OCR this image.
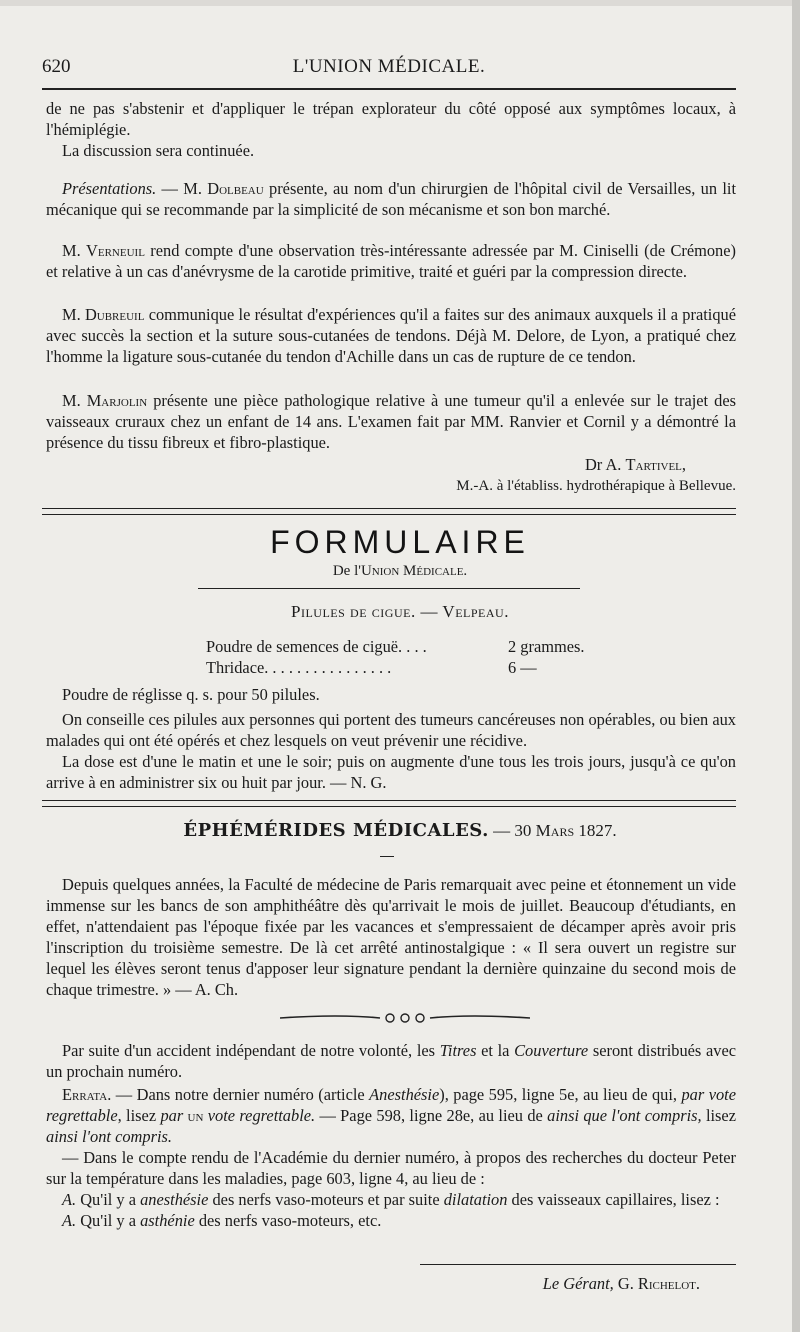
620	L'UNION MÉDICALE.

de ne pas s'abstenir et d'appliquer le trépan explorateur du côté opposé aux symptômes locaux, à l'hémiplégie.

La discussion sera continuée.

Présentations. — M. Dolbeau présente, au nom d'un chirurgien de l'hôpital civil de Versailles, un lit mécanique qui se recommande par la simplicité de son mécanisme et son bon marché.

M. Verneuil rend compte d'une observation très-intéressante adressée par M. Ciniselli (de Crémone) et relative à un cas d'anévrysme de la carotide primitive, traité et guéri par la compression directe.

M. Dubreuil communique le résultat d'expériences qu'il a faites sur des animaux auxquels il a pratiqué avec succès la section et la suture sous-cutanées de tendons. Déjà M. Delore, de Lyon, a pratiqué chez l'homme la ligature sous-cutanée du tendon d'Achille dans un cas de rupture de ce tendon.

M. Marjolin présente une pièce pathologique relative à une tumeur qu'il a enlevée sur le trajet des vaisseaux cruraux chez un enfant de 14 ans. L'examen fait par MM. Ranvier et Cornil y a démontré la présence du tissu fibreux et fibro-plastique.

Dr A. Tartivel,
M.-A. à l'établiss. hydrothérapique à Bellevue.
FORMULAIRE
De l'Union Médicale.
Pilules de cigue. — Velpeau.
Poudre de semences de ciguë. . . .	2 grammes.
Thridace. . . . . . . . . . . . . . . .	6 —

Poudre de réglisse q. s. pour 50 pilules.

On conseille ces pilules aux personnes qui portent des tumeurs cancéreuses non opérables, ou bien aux malades qui ont été opérés et chez lesquels on veut prévenir une récidive.

La dose est d'une le matin et une le soir; puis on augmente d'une tous les trois jours, jusqu'à ce qu'on arrive à en administrer six ou huit par jour. — N. G.

ÉPHÉMÉRIDES MÉDICALES. — 30 Mars 1827.

Depuis quelques années, la Faculté de médecine de Paris remarquait avec peine et étonnement un vide immense sur les bancs de son amphithéâtre dès qu'arrivait le mois de juillet. Beaucoup d'étudiants, en effet, n'attendaient pas l'époque fixée par les vacances et s'empressaient de décamper après avoir pris l'inscription du troisième semestre. De là cet arrêté antinostalgique : « Il sera ouvert un registre sur lequel les élèves seront tenus d'apposer leur signature pendant la dernière quinzaine du second mois de chaque trimestre. » — A. Ch.

Par suite d'un accident indépendant de notre volonté, les Titres et la Couverture seront distribués avec un prochain numéro.

Errata. — Dans notre dernier numéro (article Anesthésie), page 595, ligne 5e, au lieu de qui, par vote regrettable, lisez par un vote regrettable. — Page 598, ligne 28e, au lieu de ainsi que l'ont compris, lisez ainsi l'ont compris.

— Dans le compte rendu de l'Académie du dernier numéro, à propos des recherches du docteur Peter sur la température dans les maladies, page 603, ligne 4, au lieu de :

A. Qu'il y a anesthésie des nerfs vaso-moteurs et par suite dilatation des vaisseaux capillaires, lisez :

A. Qu'il y a asthénie des nerfs vaso-moteurs, etc.

Le Gérant, G. Richelot.
